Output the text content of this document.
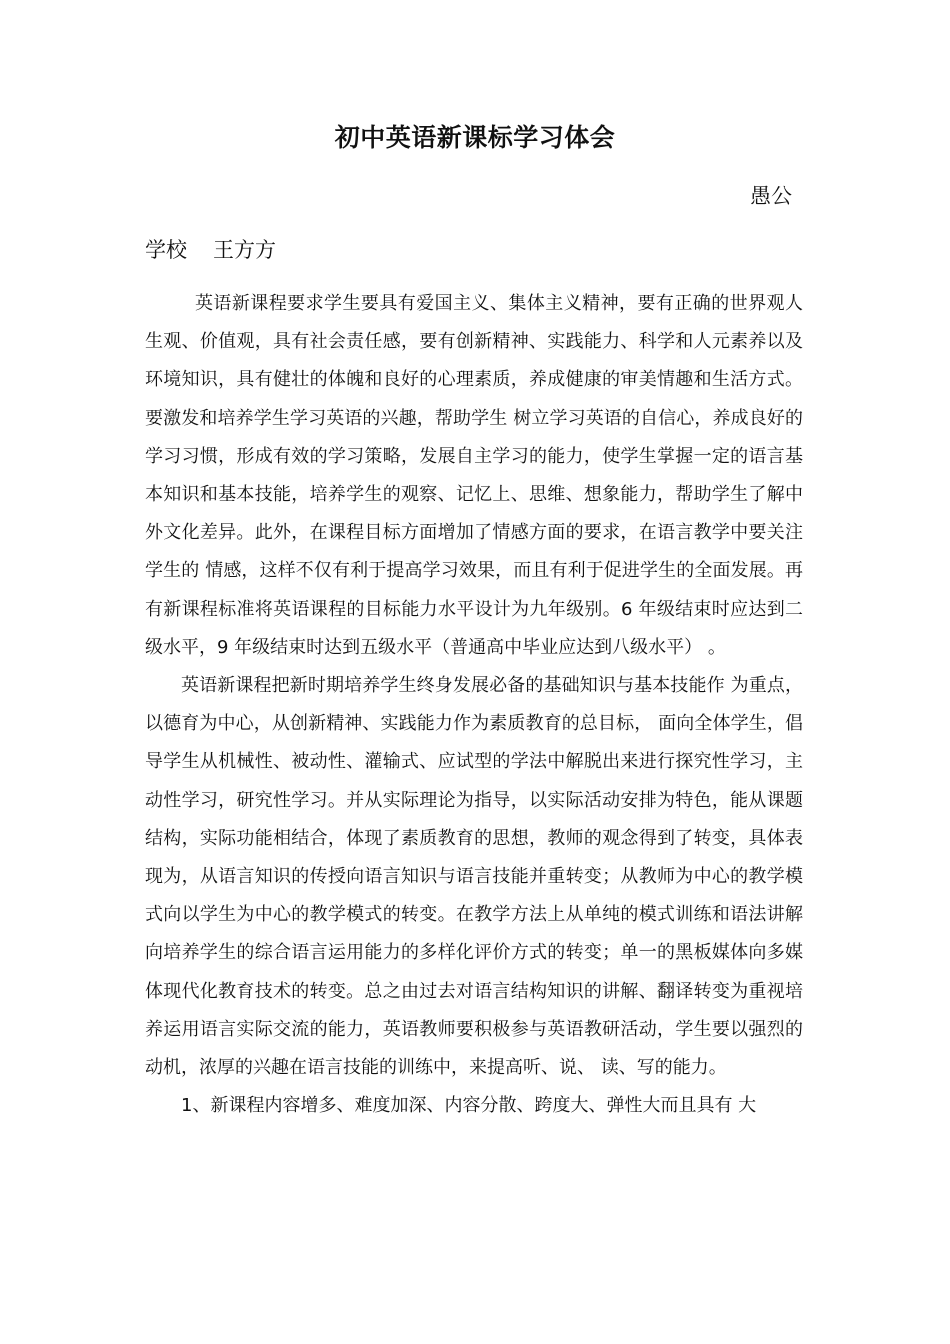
初中英语新课标学习体会
愚公
学校 王方方

英语新课程要求学生要具有爱国主义、集体主义精神，要有正确的世界观人生观、价值观，具有社会责任感，要有创新精神、实践能力、科学和人元素养以及环境知识，具有健壮的体魄和良好的心理素质，养成健康的审美情趣和生活方式。要激发和培养学生学习英语的兴趣，帮助学生 树立学习英语的自信心，养成良好的学习习惯，形成有效的学习策略，发展自主学习的能力，使学生掌握一定的语言基本知识和基本技能，培养学生的观察、记忆上、思维、想象能力，帮助学生了解中外文化差异。此外，在课程目标方面增加了情感方面的要求，在语言教学中要关注学生的 情感，这样不仅有利于提高学习效果，而且有利于促进学生的全面发展。再有新课程标准将英语课程的目标能力水平设计为九年级别。6 年级结束时应达到二级水平，9 年级结束时达到五级水平（普通高中毕业应达到八级水平） 。

英语新课程把新时期培养学生终身发展必备的基础知识与基本技能作 为重点，以德育为中心，从创新精神、实践能力作为素质教育的总目标， 面向全体学生，倡导学生从机械性、被动性、灌输式、应试型的学法中解脱出来进行探究性学习，主动性学习，研究性学习。并从实际理论为指导，以实际活动安排为特色，能从课题结构，实际功能相结合，体现了素质教育的思想，教师的观念得到了转变，具体表现为，从语言知识的传授向语言知识与语言技能并重转变；从教师为中心的教学模式向以学生为中心的教学模式的转变。在教学方法上从单纯的模式训练和语法讲解向培养学生的综合语言运用能力的多样化评价方式的转变；单一的黑板媒体向多媒体现代化教育技术的转变。总之由过去对语言结构知识的讲解、翻译转变为重视培养运用语言实际交流的能力，英语教师要积极参与英语教研活动，学生要以强烈的动机，浓厚的兴趣在语言技能的训练中，来提高听、说、 读、写的能力。

1、新课程内容增多、难度加深、内容分散、跨度大、弹性大而且具有 大
